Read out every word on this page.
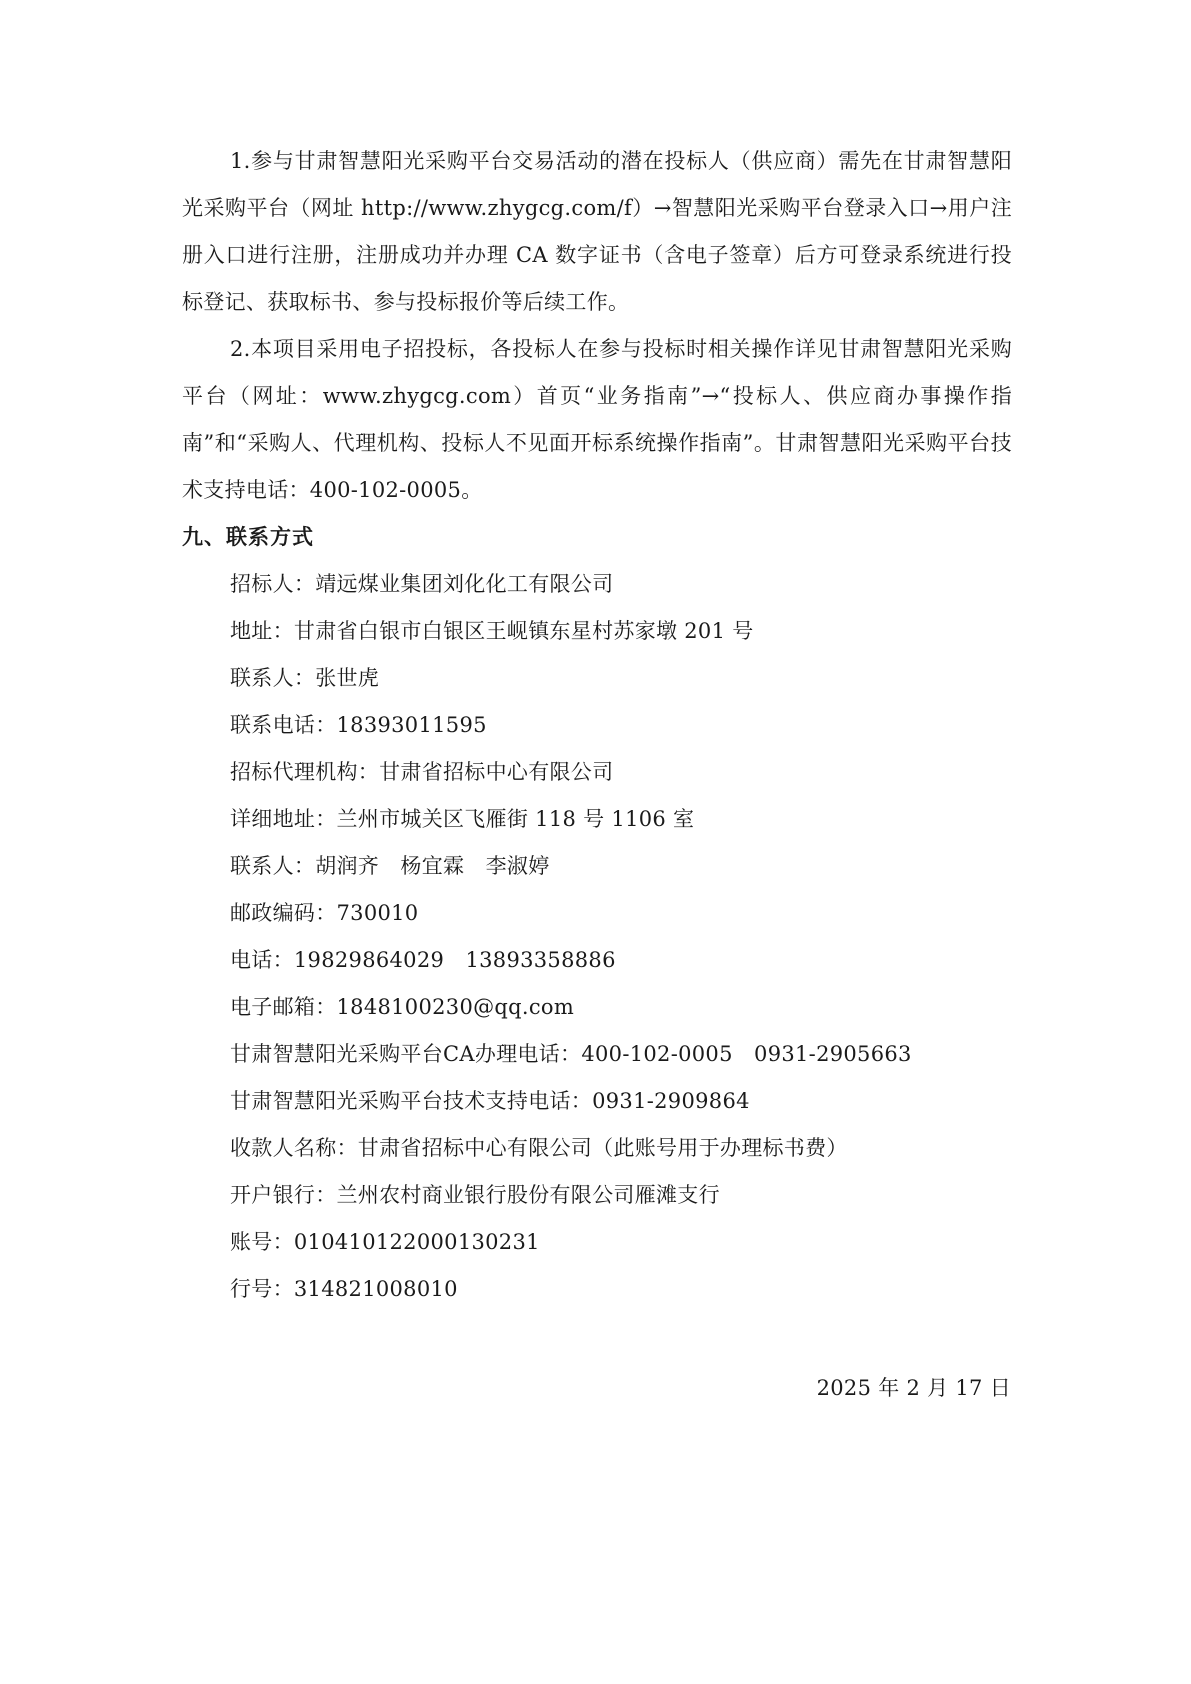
1.参与甘肃智慧阳光采购平台交易活动的潜在投标人（供应商）需先在甘肃智慧阳光采购平台（网址 http://www.zhygcg.com/f）→智慧阳光采购平台登录入口→用户注册入口进行注册，注册成功并办理 CA 数字证书（含电子签章）后方可登录系统进行投标登记、获取标书、参与投标报价等后续工作。

2.本项目采用电子招投标，各投标人在参与投标时相关操作详见甘肃智慧阳光采购平台（网址：www.zhygcg.com）首页“业务指南”→“投标人、供应商办事操作指南”和“采购人、代理机构、投标人不见面开标系统操作指南”。甘肃智慧阳光采购平台技术支持电话：400-102-0005。

九、联系方式

招标人：靖远煤业集团刘化化工有限公司

地址：甘肃省白银市白银区王岘镇东星村苏家墩 201 号

联系人：张世虎

联系电话：18393011595

招标代理机构：甘肃省招标中心有限公司

详细地址：兰州市城关区飞雁街 118 号 1106 室

联系人：胡润齐　杨宜霖　李淑婷

邮政编码：730010

电话：19829864029　13893358886

电子邮箱：1848100230@qq.com

甘肃智慧阳光采购平台CA办理电话：400-102-0005　0931-2905663

甘肃智慧阳光采购平台技术支持电话：0931-2909864

收款人名称：甘肃省招标中心有限公司（此账号用于办理标书费）

开户银行：兰州农村商业银行股份有限公司雁滩支行

账号：010410122000130231

行号：314821008010

2025 年 2 月 17 日
